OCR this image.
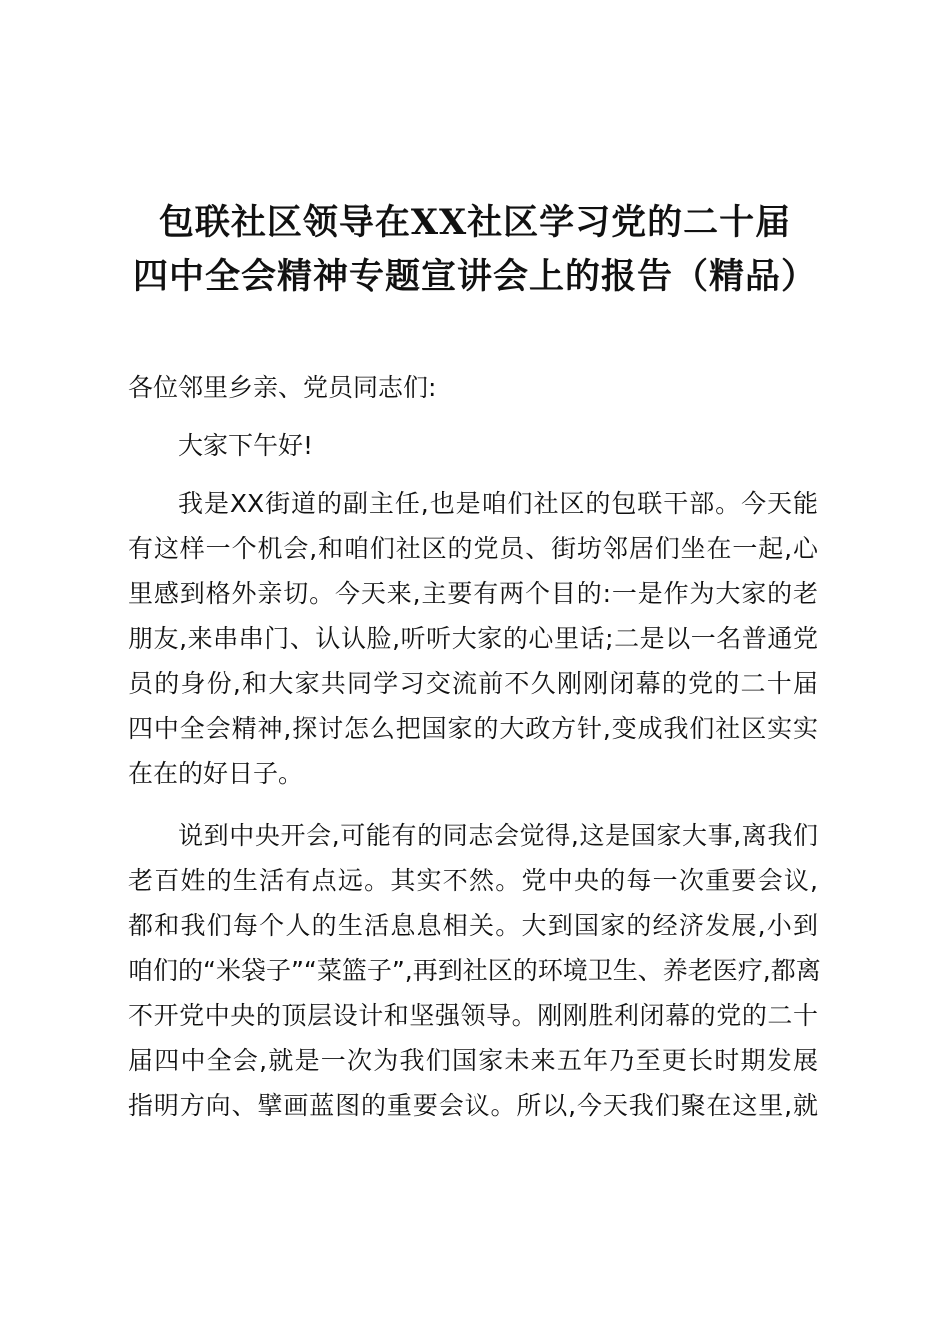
包联社区领导在XX社区学习党的二十届
四中全会精神专题宣讲会上的报告（精品）
各位邻里乡亲、党员同志们:
大家下午好!
我是XX街道的副主任,也是咱们社区的包联干部。今天能
有这样一个机会,和咱们社区的党员、街坊邻居们坐在一起,心
里感到格外亲切。今天来,主要有两个目的:一是作为大家的老
朋友,来串串门、认认脸,听听大家的心里话;二是以一名普通党
员的身份,和大家共同学习交流前不久刚刚闭幕的党的二十届
四中全会精神,探讨怎么把国家的大政方针,变成我们社区实实
在在的好日子。
说到中央开会,可能有的同志会觉得,这是国家大事,离我们
老百姓的生活有点远。其实不然。党中央的每一次重要会议,
都和我们每个人的生活息息相关。大到国家的经济发展,小到
咱们的“米袋子”“菜篮子”,再到社区的环境卫生、养老医疗,都离
不开党中央的顶层设计和坚强领导。刚刚胜利闭幕的党的二十
届四中全会,就是一次为我们国家未来五年乃至更长时期发展
指明方向、擘画蓝图的重要会议。所以,今天我们聚在这里,就
